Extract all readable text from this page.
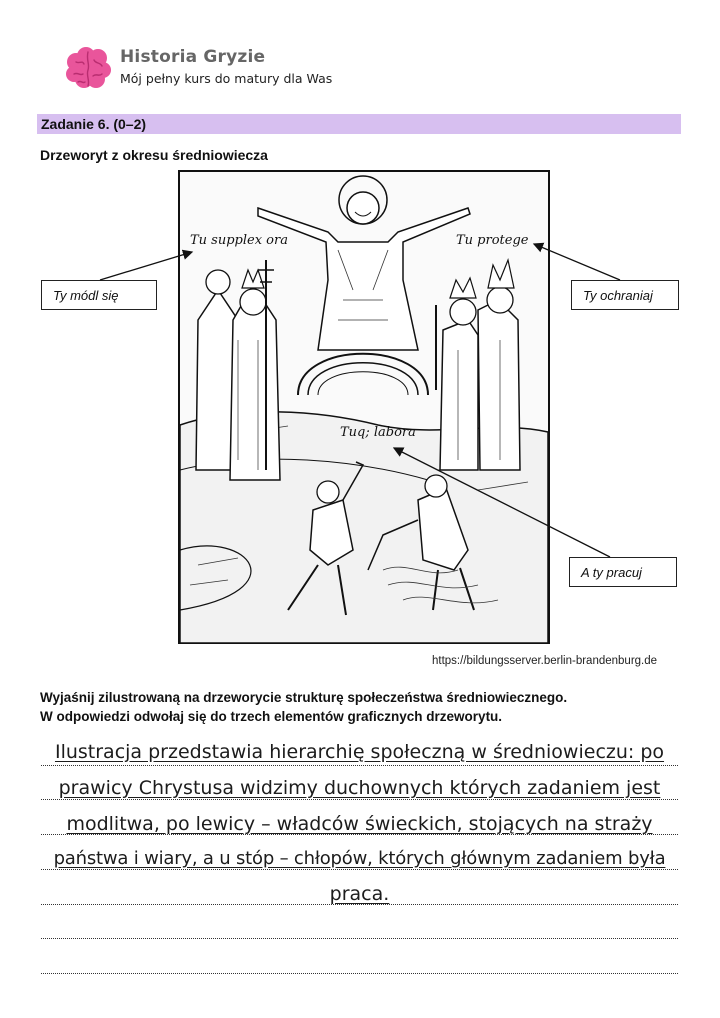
Historia Gryzie
Mój pełny kurs do matury dla Was
Zadanie 6. (0–2)
Drzeworyt z okresu średniowiecza
Tu supplex ora	Tu protege
Tuq; labora
Ty módl się	Ty ochraniaj
A ty pracuj
https://bildungsserver.berlin-brandenburg.de
Wyjaśnij zilustrowaną na drzeworycie strukturę społeczeństwa średniowiecznego.
W odpowiedzi odwołaj się do trzech elementów graficznych drzeworytu.
Ilustracja przedstawia hierarchię społeczną w średniowieczu: po
prawicy Chrystusa widzimy duchownych których zadaniem jest
modlitwa, po lewicy – władców świeckich, stojących na straży
państwa i wiary, a u stóp – chłopów, których głównym zadaniem była
praca.
